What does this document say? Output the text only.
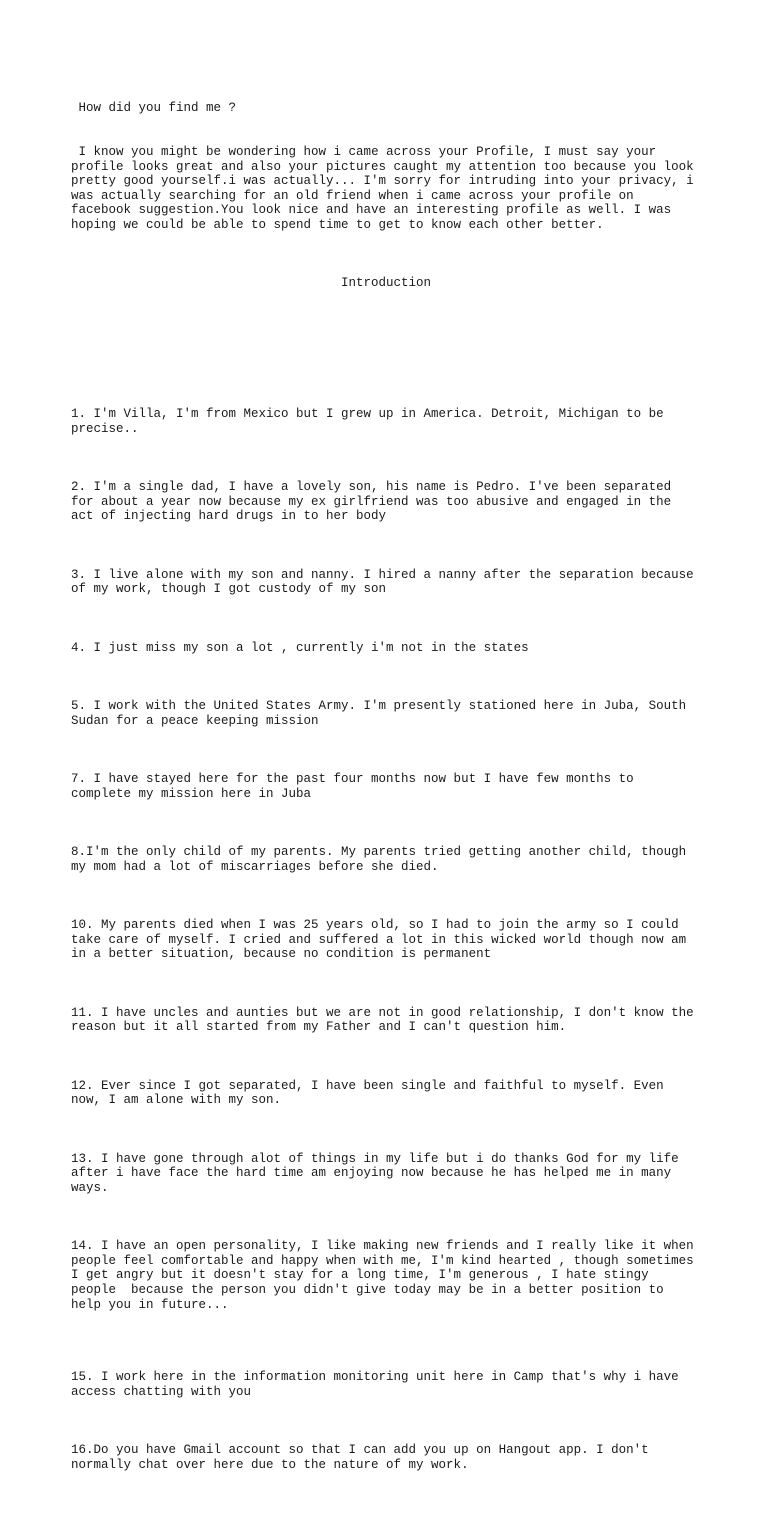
How did you find me ?

I know you might be wondering how i came across your Profile, I must say your profile looks great and also your pictures caught my attention too because you look pretty good yourself.i was actually... I'm sorry for intruding into your privacy, i was actually searching for an old friend when i came across your profile on facebook suggestion.You look nice and have an interesting profile as well. I was hoping we could be able to spend time to get to know each other better.

Introduction

1. I'm Villa, I'm from Mexico but I grew up in America. Detroit, Michigan to be precise..

2. I'm a single dad, I have a lovely son, his name is Pedro. I've been separated for about a year now because my ex girlfriend was too abusive and engaged in the act of injecting hard drugs in to her body

3. I live alone with my son and nanny. I hired a nanny after the separation because of my work, though I got custody of my son

4. I just miss my son a lot , currently i'm not in the states

5. I work with the United States Army. I'm presently stationed here in Juba, South Sudan for a peace keeping mission

7. I have stayed here for the past four months now but I have few months to complete my mission here in Juba

8.I'm the only child of my parents. My parents tried getting another child, though my mom had a lot of miscarriages before she died.

10. My parents died when I was 25 years old, so I had to join the army so I could take care of myself. I cried and suffered a lot in this wicked world though now am in a better situation, because no condition is permanent

11. I have uncles and aunties but we are not in good relationship, I don't know the reason but it all started from my Father and I can't question him.

12. Ever since I got separated, I have been single and faithful to myself. Even now, I am alone with my son.

13. I have gone through alot of things in my life but i do thanks God for my life after i have face the hard time am enjoying now because he has helped me in many ways.

14. I have an open personality, I like making new friends and I really like it when people feel comfortable and happy when with me, I'm kind hearted , though sometimes I get angry but it doesn't stay for a long time, I'm generous , I hate stingy people  because the person you didn't give today may be in a better position to help you in future...

15. I work here in the information monitoring unit here in Camp that's why i have access chatting with you

16.Do you have Gmail account so that I can add you up on Hangout app. I don't normally chat over here due to the nature of my work.
